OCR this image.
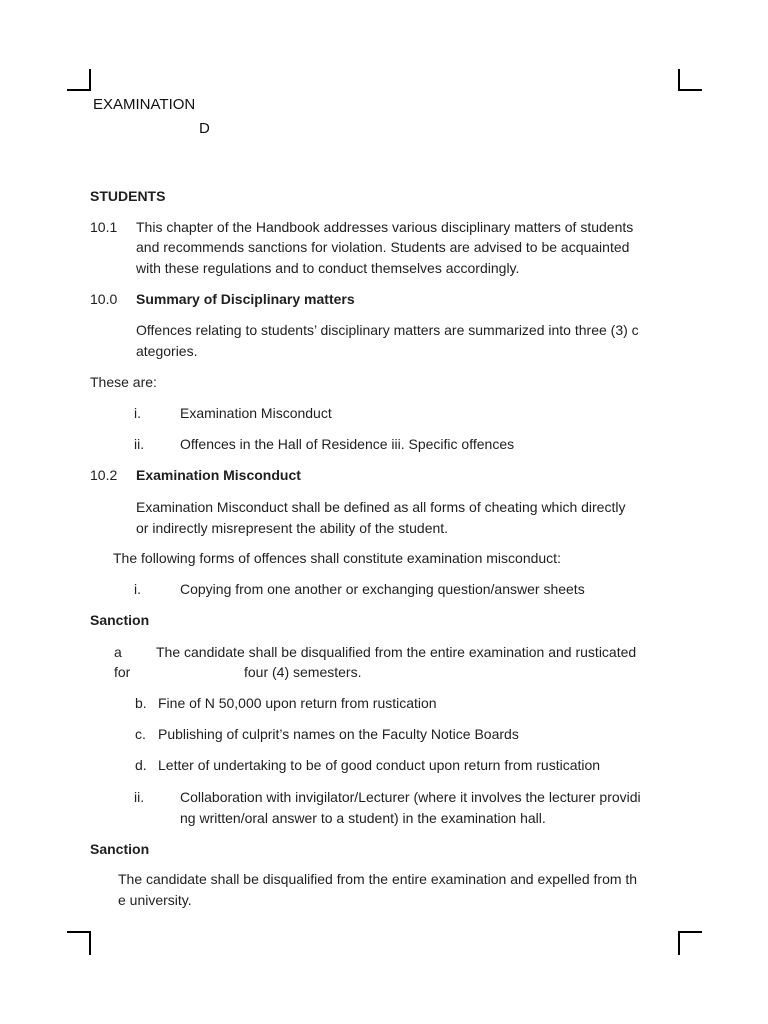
EXAMINATION
D
STUDENTS
10.1 This chapter of the Handbook addresses various disciplinary matters of students
and recommends sanctions for violation. Students are advised to be acquainted
with these regulations and to conduct themselves accordingly.
10.0 Summary of Disciplinary matters
Offences relating to students’ disciplinary matters are summarized into three (3) c
ategories.
These are:
i.	Examination Misconduct
ii.	Offences in the Hall of Residence iii. Specific offences
10.2 Examination Misconduct
Examination Misconduct shall be defined as all forms of cheating which directly
or indirectly misrepresent the ability of the student.
The following forms of offences shall constitute examination misconduct:
i.	Copying from one another or exchanging question/answer sheets
Sanction
a The candidate shall be disqualified from the entire examination and rusticated
for	four (4) semesters.
b. Fine of N 50,000 upon return from rustication
c. Publishing of culprit’s names on the Faculty Notice Boards
d. Letter of undertaking to be of good conduct upon return from rustication
ii.	Collaboration with invigilator/Lecturer (where it involves the lecturer providi
ng written/oral answer to a student) in the examination hall.
Sanction
The candidate shall be disqualified from the entire examination and expelled from th
e university.
